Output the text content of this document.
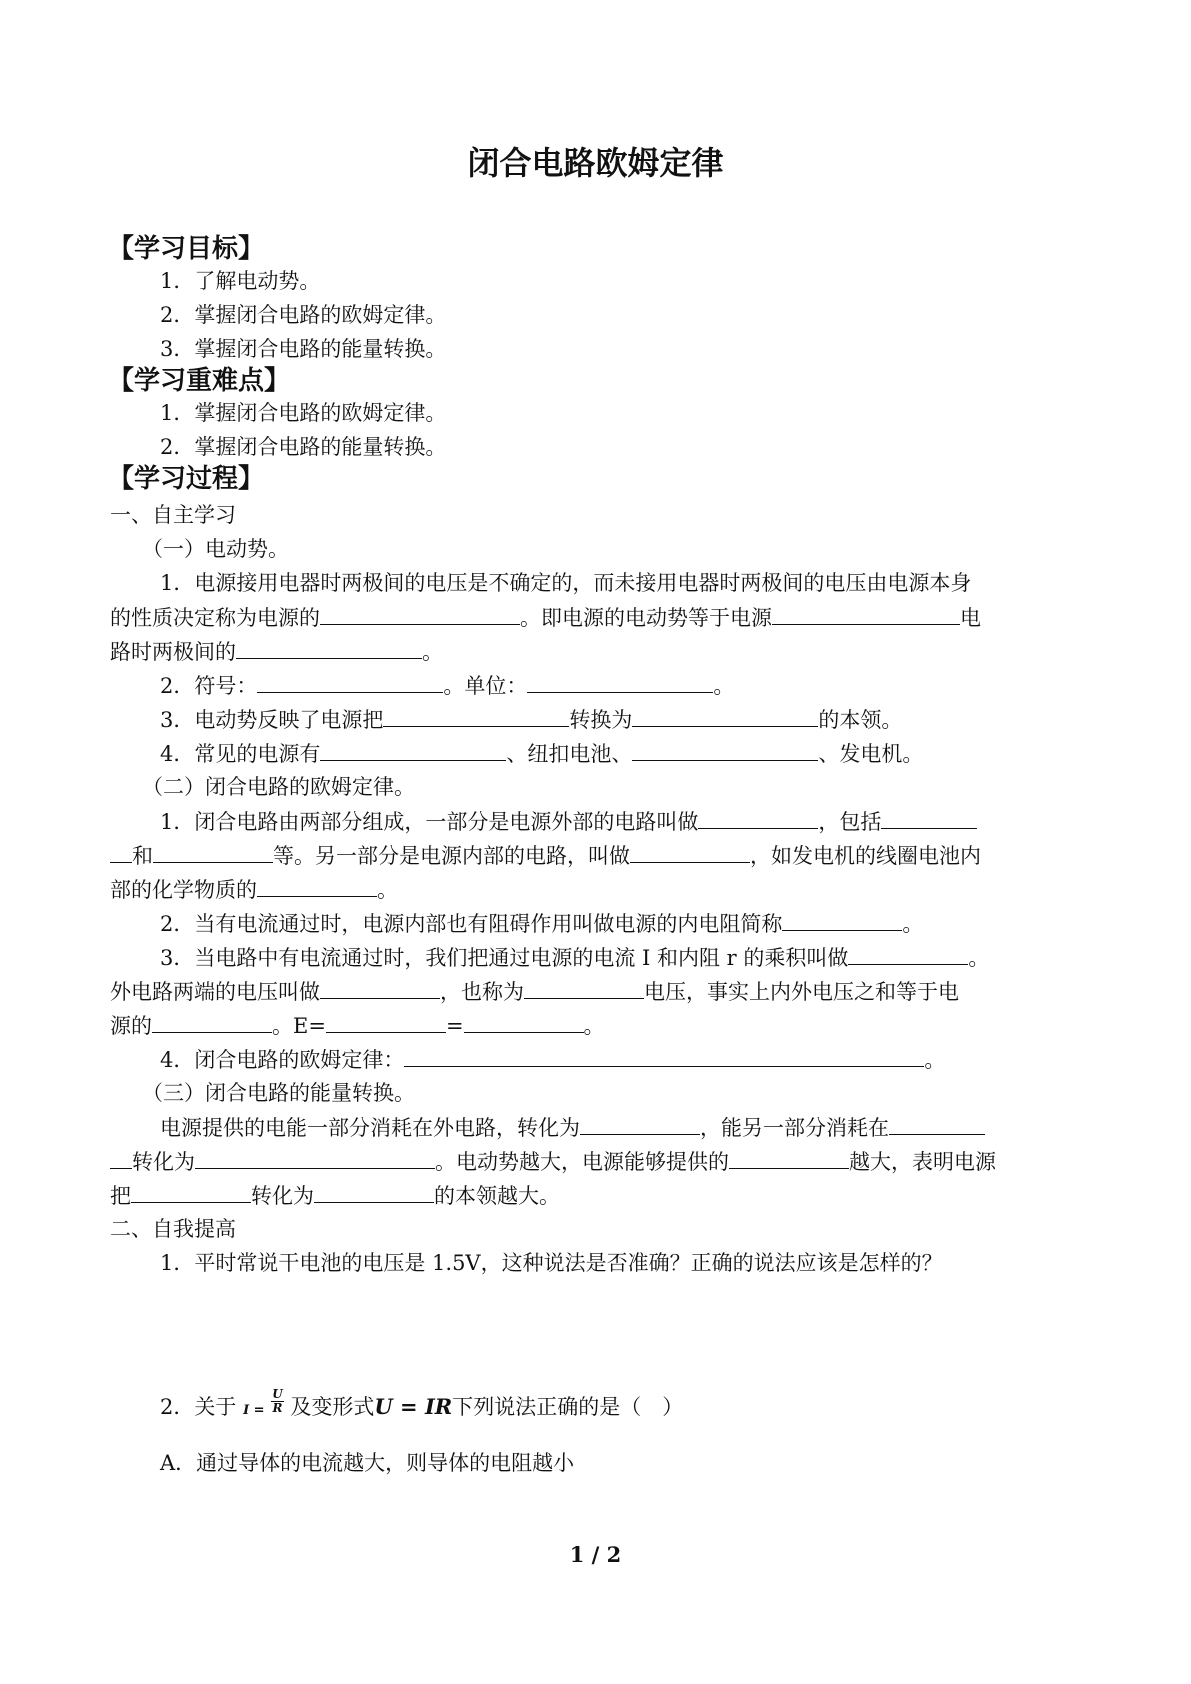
闭合电路欧姆定律
【学习目标】
1．了解电动势。
2．掌握闭合电路的欧姆定律。
3．掌握闭合电路的能量转换。
【学习重难点】
1．掌握闭合电路的欧姆定律。
2．掌握闭合电路的能量转换。
【学习过程】
一、自主学习
（一）电动势。
1．电源接用电器时两极间的电压是不确定的，而未接用电器时两极间的电压由电源本身
的性质决定称为电源的	。即电源的电动势等于电源	电
路时两极间的	。
2．符号：	。单位：	。
3．电动势反映了电源把	转换为	的本领。
4．常见的电源有	、纽扣电池、	、发电机。
（二）闭合电路的欧姆定律。
1．闭合电路由两部分组成，一部分是电源外部的电路叫做	，包括
和	等。另一部分是电源内部的电路，叫做	，如发电机的线圈电池内
部的化学物质的	。
2．当有电流通过时，电源内部也有阻碍作用叫做电源的内电阻简称	。
3．当电路中有电流通过时，我们把通过电源的电流 I 和内阻 r 的乘积叫做	。
外电路两端的电压叫做	，也称为	电压，事实上内外电压之和等于电
源的	。E=	=	。
4．闭合电路的欧姆定律：	。
（三）闭合电路的能量转换。
电源提供的电能一部分消耗在外电路，转化为	，能另一部分消耗在
转化为	。电动势越大，电源能够提供的	越大，表明电源
把	转化为	的本领越大。
二、自我提高
1．平时常说干电池的电压是 1.5V，这种说法是否准确？正确的说法应该是怎样的？
2．关于 $I = \frac{U}{R}$ 及变形式U = IR下列说法正确的是（　）
A．通过导体的电流越大，则导体的电阻越小
1 / 2
